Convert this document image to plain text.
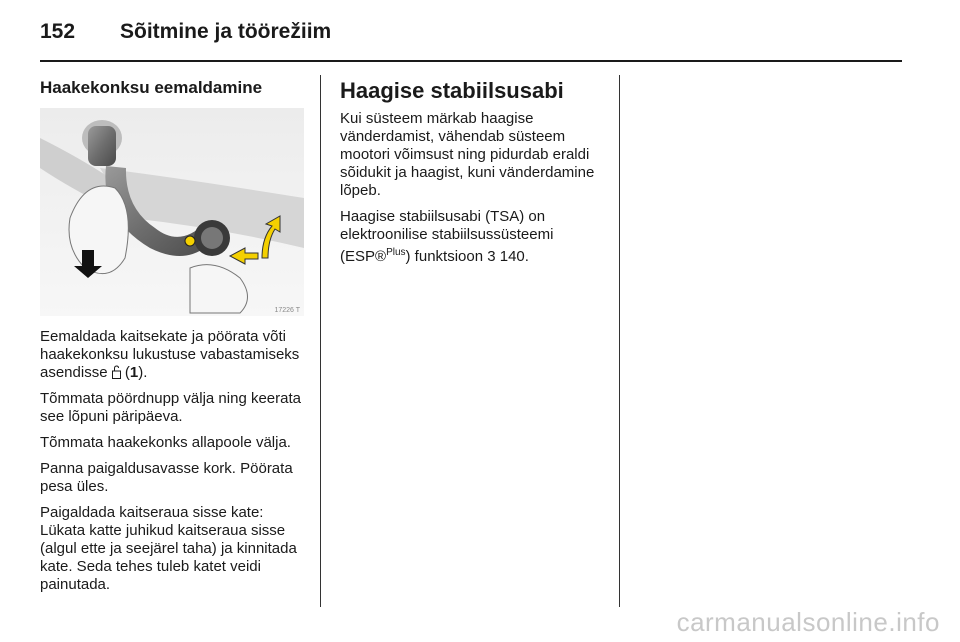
152 Sõitmine ja töörežiim
Haakekonksu eemaldamine
17226 T

Eemaldada kaitsekate ja pöörata võti haakekonksu lukustuse vabastamiseks asendisse  (1).

Tõmmata pöördnupp välja ning keerata see lõpuni päripäeva.

Tõmmata haakekonks allapoole välja.

Panna paigaldusavasse kork. Pöörata pesa üles.

Paigaldada kaitseraua sisse kate: Lükata katte juhikud kaitseraua sisse (algul ette ja seejärel taha) ja kinnitada kate. Seda tehes tuleb katet veidi painutada.

Haagise stabiilsusabi

Kui süsteem märkab haagise vänderdamist, vähendab süsteem mootori võimsust ning pidurdab eraldi sõidukit ja haagist, kuni vänderdamine lõpeb.

Haagise stabiilsusabi (TSA) on elektroonilise stabiilsussüsteemi (ESP®$^{Plus}$) funktsioon 3 140.

carmanualsonline.info
